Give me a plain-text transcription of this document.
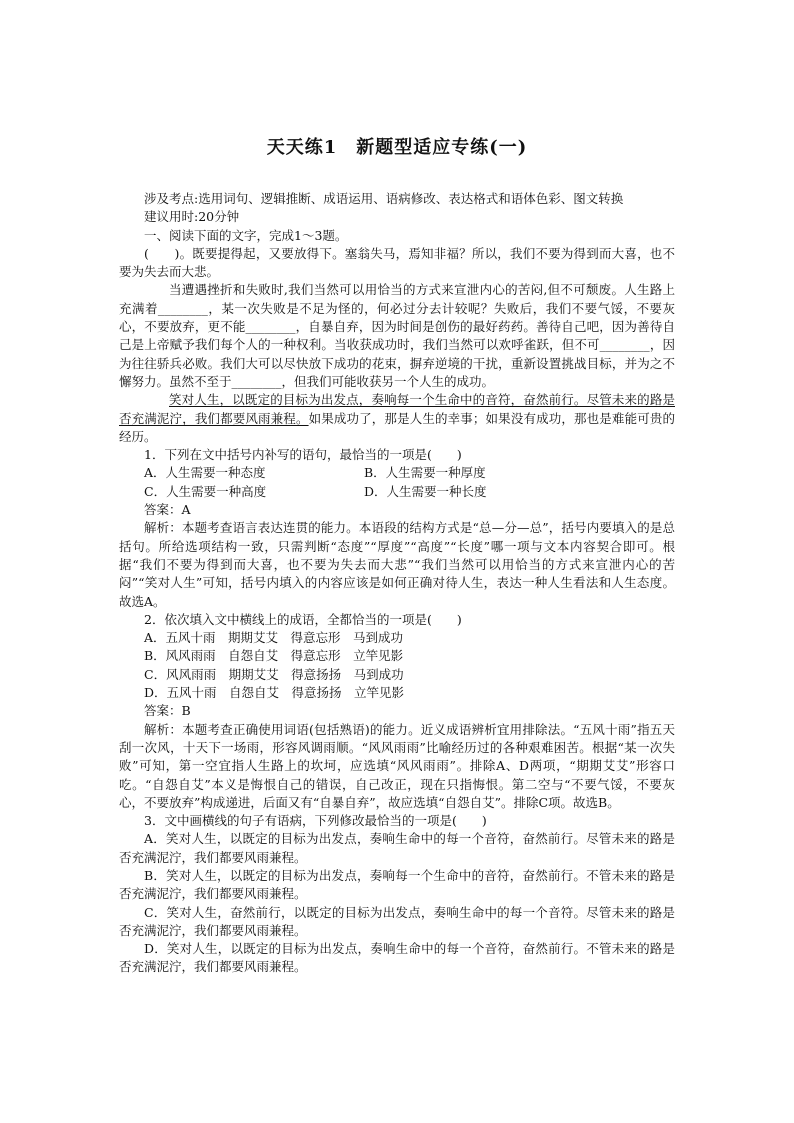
天天练1　新题型适应专练(一)

涉及考点:选用词句、逻辑推断、成语运用、语病修改、表达格式和语体色彩、图文转换

建议用时:20分钟

一、阅读下面的文字，完成1～3题。

(　　)。既要提得起，又要放得下。塞翁失马，焉知非福？所以，我们不要为得到而大喜，也不要为失去而大悲。

当遭遇挫折和失败时,我们当然可以用恰当的方式来宣泄内心的苦闷,但不可颓废。人生路上充满着________，某一次失败是不足为怪的，何必过分去计较呢？失败后，我们不要气馁，不要灰心，不要放弃，更不能________，自暴自弃，因为时间是创伤的最好药药。善待自己吧，因为善待自己是上帝赋予我们每个人的一种权利。当收获成功时，我们当然可以欢呼雀跃，但不可________，因为往往骄兵必败。我们大可以尽快放下成功的花束，摒弃逆境的干扰，重新设置挑战目标，并为之不懈努力。虽然不至于________，但我们可能收获另一个人生的成功。

笑对人生，以既定的目标为出发点，奏响每一个生命中的音符，奋然前行。尽管未来的路是否充满泥泞，我们都要风雨兼程。如果成功了，那是人生的幸事；如果没有成功，那也是难能可贵的经历。

1．下列在文中括号内补写的语句，最恰当的一项是(　　)

A．人生需要一种态度	B．人生需要一种厚度
C．人生需要一种高度	D．人生需要一种长度

答案：A

解析：本题考查语言表达连贯的能力。本语段的结构方式是“总—分—总”，括号内要填入的是总括句。所给选项结构一致，只需判断“态度”“厚度”“高度”“长度”哪一项与文本内容契合即可。根据“我们不要为得到而大喜，也不要为失去而大悲”“我们当然可以用恰当的方式来宣泄内心的苦闷”“笑对人生”可知，括号内填入的内容应该是如何正确对待人生，表达一种人生看法和人生态度。故选A。

2．依次填入文中横线上的成语，全都恰当的一项是(　　)

A．五风十雨　期期艾艾　得意忘形　马到成功

B．风风雨雨　自怨自艾　得意忘形　立竿见影

C．风风雨雨　期期艾艾　得意扬扬　马到成功

D．五风十雨　自怨自艾　得意扬扬　立竿见影

答案：B

解析：本题考查正确使用词语(包括熟语)的能力。近义成语辨析宜用排除法。“五风十雨”指五天刮一次风，十天下一场雨，形容风调雨顺。“风风雨雨”比喻经历过的各种艰难困苦。根据“某一次失败”可知，第一空宜指人生路上的坎坷，应选填“风风雨雨”。排除A、D两项，“期期艾艾”形容口吃。“自怨自艾”本义是悔恨自己的错误，自己改正，现在只指悔恨。第二空与“不要气馁，不要灰心，不要放弃”构成递进，后面又有“自暴自弃”，故应选填“自怨自艾”。排除C项。故选B。

3．文中画横线的句子有语病，下列修改最恰当的一项是(　　)

A．笑对人生，以既定的目标为出发点，奏响生命中的每一个音符，奋然前行。尽管未来的路是否充满泥泞，我们都要风雨兼程。

B．笑对人生，以既定的目标为出发点，奏响每一个生命中的音符，奋然前行。不管未来的路是否充满泥泞，我们都要风雨兼程。

C．笑对人生，奋然前行，以既定的目标为出发点，奏响生命中的每一个音符。尽管未来的路是否充满泥泞，我们都要风雨兼程。

D．笑对人生，以既定的目标为出发点，奏响生命中的每一个音符，奋然前行。不管未来的路是否充满泥泞，我们都要风雨兼程。
